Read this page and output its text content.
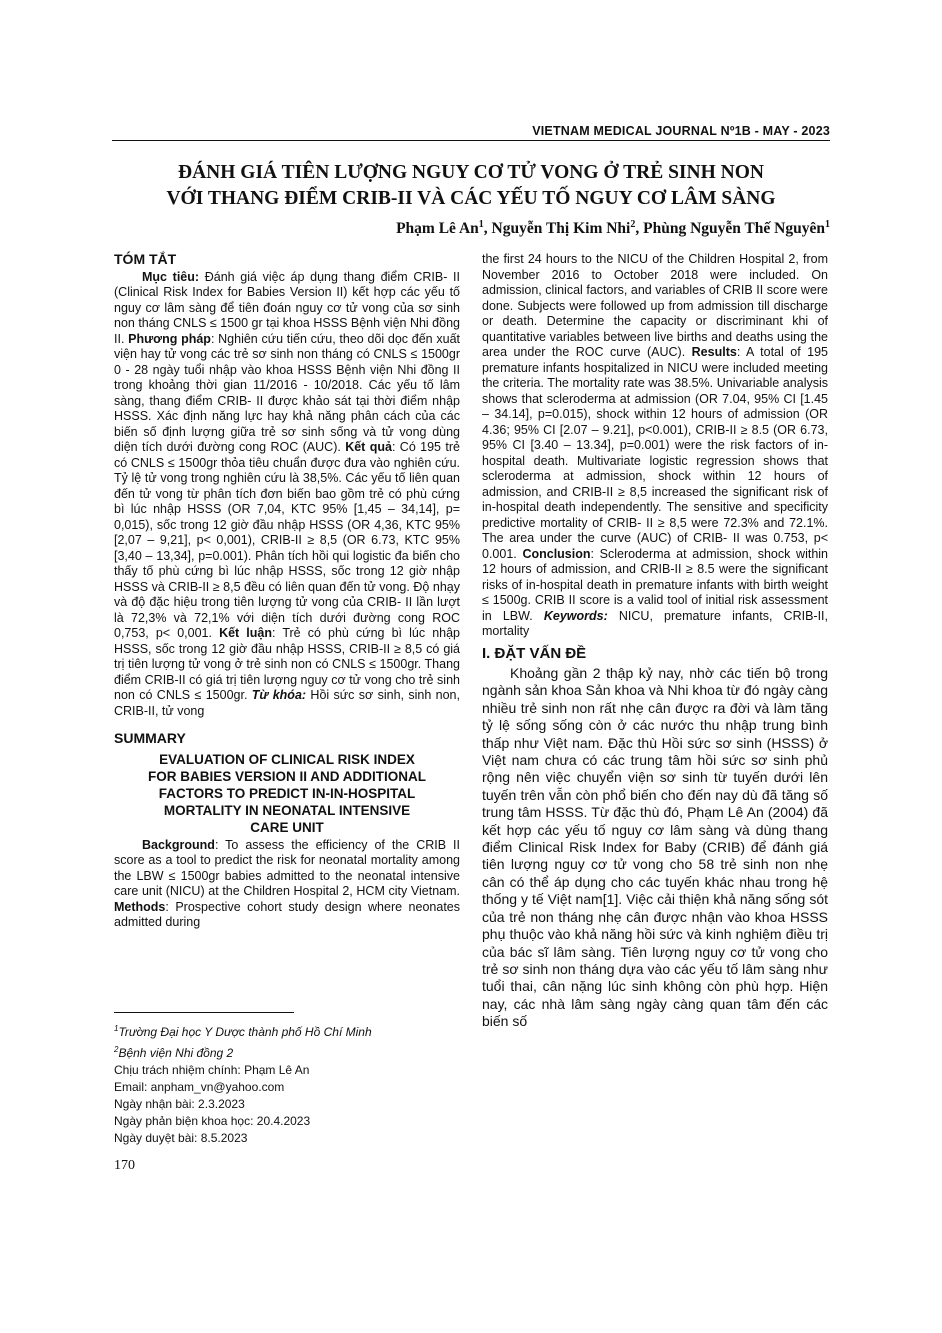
VIETNAM MEDICAL JOURNAL Nº1B - MAY - 2023
ĐÁNH GIÁ TIÊN LƯỢNG NGUY CƠ TỬ VONG Ở TRẺ SINH NON
VỚI THANG ĐIỂM CRIB-II VÀ CÁC YẾU TỐ NGUY CƠ LÂM SÀNG
Phạm Lê An$^1$, Nguyễn Thị Kim Nhi$^2$, Phùng Nguyễn Thế Nguyên$^1$
TÓM TẮT

Mục tiêu: Đánh giá việc áp dụng thang điểm CRIB- II (Clinical Risk Index for Babies Version II) kết hợp các yếu tố nguy cơ lâm sàng để tiên đoán nguy cơ tử vong của sơ sinh non tháng CNLS ≤ 1500 gr tại khoa HSSS Bệnh viện Nhi đồng II. Phương pháp: Nghiên cứu tiến cứu, theo dõi dọc đến xuất viện hay tử vong các trẻ sơ sinh non tháng có CNLS ≤ 1500gr 0 - 28 ngày tuổi nhập vào khoa HSSS Bệnh viện Nhi đồng II trong khoảng thời gian 11/2016 - 10/2018. Các yếu tố lâm sàng, thang điểm CRIB- II được khảo sát tại thời điểm nhập HSSS. Xác định năng lực hay khả năng phân cách của các biến số định lượng giữa trẻ sơ sinh sống và tử vong dùng diện tích dưới đường cong ROC (AUC). Kết quả: Có 195 trẻ có CNLS ≤ 1500gr thỏa tiêu chuẩn được đưa vào nghiên cứu. Tỷ lệ tử vong trong nghiên cứu là 38,5%. Các yếu tố liên quan đến tử vong từ phân tích đơn biến bao gồm trẻ có phù cứng bì lúc nhập HSSS (OR 7,04, KTC 95% [1,45 – 34,14], p= 0,015), sốc trong 12 giờ đầu nhập HSSS (OR 4,36, KTC 95% [2,07 – 9,21], p< 0,001), CRIB-II ≥ 8,5 (OR 6.73, KTC 95% [3,40 – 13,34], p=0.001). Phân tích hồi qui logistic đa biến cho thấy tố phù cứng bì lúc nhập HSSS, sốc trong 12 giờ nhập HSSS và CRIB-II ≥ 8,5 đều có liên quan đến tử vong. Độ nhạy và độ đặc hiệu trong tiên lượng tử vong của CRIB- II lần lượt là 72,3% và 72,1% với diện tích dưới đường cong ROC 0,753, p< 0,001. Kết luận: Trẻ có phù cứng bì lúc nhập HSSS, sốc trong 12 giờ đầu nhập HSSS, CRIB-II ≥ 8,5 có giá trị tiên lượng tử vong ở trẻ sinh non có CNLS ≤ 1500gr. Thang điểm CRIB-II có giá trị tiên lượng nguy cơ tử vong cho trẻ sinh non có CNLS ≤ 1500gr. Từ khóa: Hồi sức sơ sinh, sinh non, CRIB-II, tử vong

SUMMARY
EVALUATION OF CLINICAL RISK INDEX
FOR BABIES VERSION II AND ADDITIONAL
FACTORS TO PREDICT IN-IN-HOSPITAL
MORTALITY IN NEONATAL INTENSIVE
CARE UNIT

Background: To assess the efficiency of the CRIB II score as a tool to predict the risk for neonatal mortality among the LBW ≤ 1500gr babies admitted to the neonatal intensive care unit (NICU) at the Children Hospital 2, HCM city Vietnam. Methods: Prospective cohort study design where neonates admitted during

the first 24 hours to the NICU of the Children Hospital 2, from November 2016 to October 2018 were included. On admission, clinical factors, and variables of CRIB II score were done. Subjects were followed up from admission till discharge or death. Determine the capacity or discriminant khi of quantitative variables between live births and deaths using the area under the ROC curve (AUC). Results: A total of 195 premature infants hospitalized in NICU were included meeting the criteria. The mortality rate was 38.5%. Univariable analysis shows that scleroderma at admission (OR 7.04, 95% CI [1.45 – 34.14], p=0.015), shock within 12 hours of admission (OR 4.36; 95% CI [2.07 – 9.21], p<0.001), CRIB-II ≥ 8.5 (OR 6.73, 95% CI [3.40 – 13.34], p=0.001) were the risk factors of in-hospital death. Multivariate logistic regression shows that scleroderma at admission, shock within 12 hours of admission, and CRIB-II ≥ 8,5 increased the significant risk of in-hospital death independently. The sensitive and specificity predictive mortality of CRIB- II ≥ 8,5 were 72.3% and 72.1%. The area under the curve (AUC) of CRIB- II was 0.753, p< 0.001. Conclusion: Scleroderma at admission, shock within 12 hours of admission, and CRIB-II ≥ 8.5 were the significant risks of in-hospital death in premature infants with birth weight ≤ 1500g. CRIB II score is a valid tool of initial risk assessment in LBW. Keywords: NICU, premature infants, CRIB-II, mortality

I. ĐẶT VẤN ĐỀ

Khoảng gần 2 thập kỷ nay, nhờ các tiến bộ trong ngành sản khoa Sản khoa và Nhi khoa từ đó ngày càng nhiều trẻ sinh non rất nhẹ cân được ra đời và làm tăng tỷ lệ sống sống còn ở các nước thu nhập trung bình thấp như Việt nam. Đặc thù Hồi sức sơ sinh (HSSS) ở Việt nam chưa có các trung tâm hồi sức sơ sinh phủ rộng nên việc chuyển viện sơ sinh từ tuyến dưới lên tuyến trên vẫn còn phổ biến cho đến nay dù đã tăng số trung tâm HSSS. Từ đặc thù đó, Phạm Lê An (2004) đã kết hợp các yếu tố nguy cơ lâm sàng và dùng thang điểm Clinical Risk Index for Baby (CRIB) để đánh giá tiên lượng nguy cơ tử vong cho 58 trẻ sinh non nhẹ cân có thể áp dụng cho các tuyến khác nhau trong hệ thống y tế Việt nam[1]. Việc cải thiện khả năng sống sót của trẻ non tháng nhẹ cân được nhận vào khoa HSSS phụ thuộc vào khả năng hồi sức và kinh nghiệm điều trị của bác sĩ lâm sàng. Tiên lượng nguy cơ tử vong cho trẻ sơ sinh non tháng dựa vào các yếu tố lâm sàng như tuổi thai, cân nặng lúc sinh không còn phù hợp. Hiện nay, các nhà lâm sàng ngày càng quan tâm đến các biến số

$^1$Trường Đại học Y Dược thành phố Hồ Chí Minh
$^2$Bệnh viện Nhi đồng 2
Chịu trách nhiệm chính: Phạm Lê An
Email: anpham_vn@yahoo.com
Ngày nhận bài: 2.3.2023
Ngày phản biện khoa học: 20.4.2023
Ngày duyệt bài: 8.5.2023
170
